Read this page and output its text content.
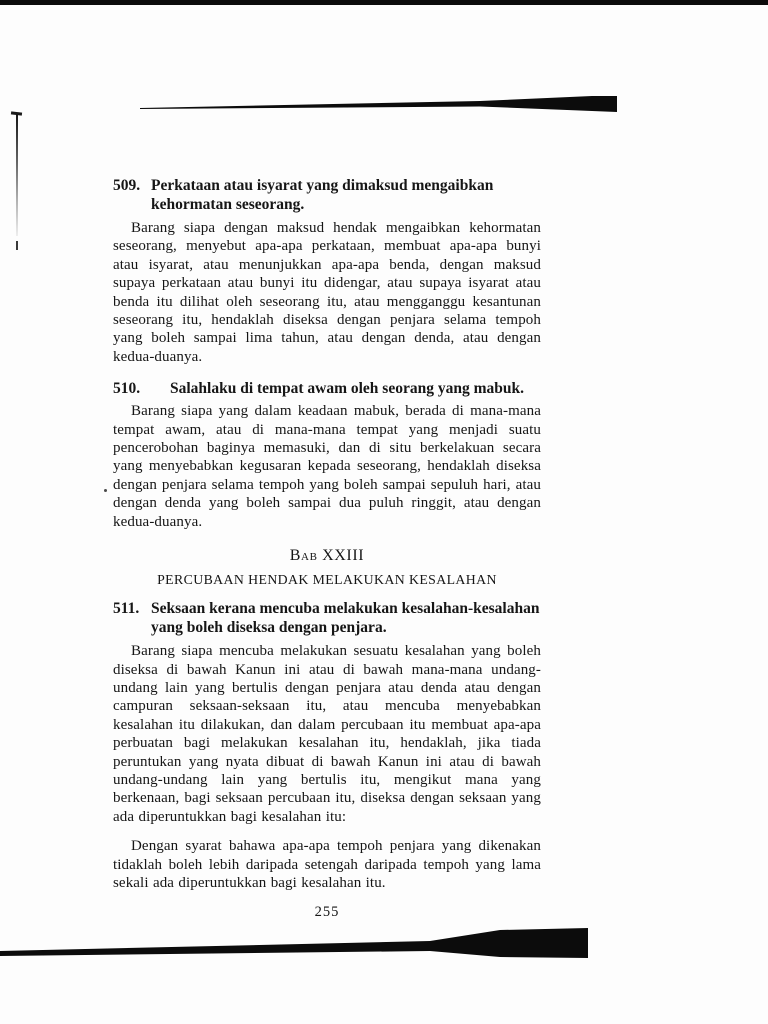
509. Perkataan atau isyarat yang dimaksud mengaibkan kehormatan seseorang.

Barang siapa dengan maksud hendak mengaibkan kehormatan seseorang, menyebut apa-apa perkataan, membuat apa-apa bunyi atau isyarat, atau menunjukkan apa-apa benda, dengan maksud supaya perkataan atau bunyi itu didengar, atau supaya isyarat atau benda itu dilihat oleh seseorang itu, atau mengganggu kesantunan seseorang itu, hendaklah diseksa dengan penjara selama tempoh yang boleh sampai lima tahun, atau dengan denda, atau dengan kedua-duanya.

510.	Salahlaku di tempat awam oleh seorang yang mabuk.

Barang siapa yang dalam keadaan mabuk, berada di mana-mana tempat awam, atau di mana-mana tempat yang menjadi suatu pencerobohan baginya memasuki, dan di situ berkelakuan secara yang menyebabkan kegusaran kepada seseorang, hendaklah diseksa dengan penjara selama tempoh yang boleh sampai sepuluh hari, atau dengan denda yang boleh sampai dua puluh ringgit, atau dengan kedua-duanya.

Bab XXIII
PERCUBAAN HENDAK MELAKUKAN KESALAHAN
511. Seksaan kerana mencuba melakukan kesalahan-kesalahan yang boleh diseksa dengan penjara.

Barang siapa mencuba melakukan sesuatu kesalahan yang boleh diseksa di bawah Kanun ini atau di bawah mana-mana undang-undang lain yang bertulis dengan penjara atau denda atau dengan campuran seksaan-seksaan itu, atau mencuba menyebabkan kesalahan itu dilakukan, dan dalam percubaan itu membuat apa-apa perbuatan bagi melakukan kesalahan itu, hendaklah, jika tiada peruntukan yang nyata dibuat di bawah Kanun ini atau di bawah undang-undang lain yang bertulis itu, mengikut mana yang berkenaan, bagi seksaan percubaan itu, diseksa dengan seksaan yang ada diperuntukkan bagi kesalahan itu:

Dengan syarat bahawa apa-apa tempoh penjara yang dikenakan tidaklah boleh lebih daripada setengah daripada tempoh yang lama sekali ada diperuntukkan bagi kesalahan itu.

255
